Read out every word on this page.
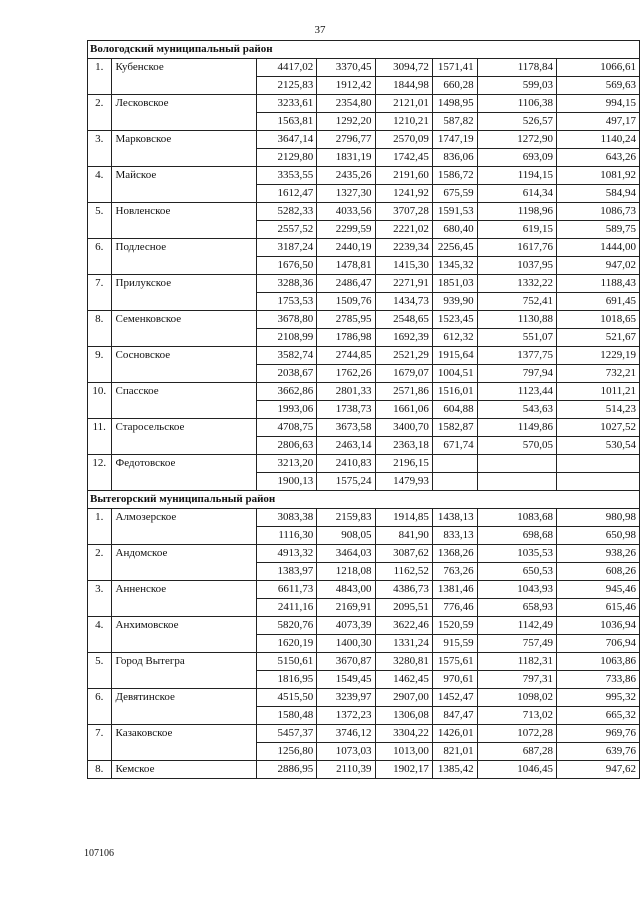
37
Вологодский муниципальный район							
1.	Кубенское	4417,02	3370,45	3094,72	1571,41	1178,84	1066,61
		2125,83	1912,42	1844,98	660,28	599,03	569,63
2.	Лесковское	3233,61	2354,80	2121,01	1498,95	1106,38	994,15
		1563,81	1292,20	1210,21	587,82	526,57	497,17
3.	Марковское	3647,14	2796,77	2570,09	1747,19	1272,90	1140,24
		2129,80	1831,19	1742,45	836,06	693,09	643,26
4.	Майское	3353,55	2435,26	2191,60	1586,72	1194,15	1081,92
		1612,47	1327,30	1241,92	675,59	614,34	584,94
5.	Новленское	5282,33	4033,56	3707,28	1591,53	1198,96	1086,73
		2557,52	2299,59	2221,02	680,40	619,15	589,75
6.	Подлесное	3187,24	2440,19	2239,34	2256,45	1617,76	1444,00
		1676,50	1478,81	1415,30	1345,32	1037,95	947,02
7.	Прилукское	3288,36	2486,47	2271,91	1851,03	1332,22	1188,43
		1753,53	1509,76	1434,73	939,90	752,41	691,45
8.	Семенковское	3678,80	2785,95	2548,65	1523,45	1130,88	1018,65
		2108,99	1786,98	1692,39	612,32	551,07	521,67
9.	Сосновское	3582,74	2744,85	2521,29	1915,64	1377,75	1229,19
		2038,67	1762,26	1679,07	1004,51	797,94	732,21
10.	Спасское	3662,86	2801,33	2571,86	1516,01	1123,44	1011,21
		1993,06	1738,73	1661,06	604,88	543,63	514,23
11.	Старосельское	4708,75	3673,58	3400,70	1582,87	1149,86	1027,52
		2806,63	2463,14	2363,18	671,74	570,05	530,54
12.	Федотовское	3213,20	2410,83	2196,15			
		1900,13	1575,24	1479,93			
Вытегорский муниципальный район							
1.	Алмозерское	3083,38	2159,83	1914,85	1438,13	1083,68	980,98
		1116,30	908,05	841,90	833,13	698,68	650,98
2.	Андомское	4913,32	3464,03	3087,62	1368,26	1035,53	938,26
		1383,97	1218,08	1162,52	763,26	650,53	608,26
3.	Анненское	6611,73	4843,00	4386,73	1381,46	1043,93	945,46
		2411,16	2169,91	2095,51	776,46	658,93	615,46
4.	Анхимовское	5820,76	4073,39	3622,46	1520,59	1142,49	1036,94
		1620,19	1400,30	1331,24	915,59	757,49	706,94
5.	Город Вытегра	5150,61	3670,87	3280,81	1575,61	1182,31	1063,86
		1816,95	1549,45	1462,45	970,61	797,31	733,86
6.	Девятинское	4515,50	3239,97	2907,00	1452,47	1098,02	995,32
		1580,48	1372,23	1306,08	847,47	713,02	665,32
7.	Казаковское	5457,37	3746,12	3304,22	1426,01	1072,28	969,76
		1256,80	1073,03	1013,00	821,01	687,28	639,76
8.	Кемское	2886,95	2110,39	1902,17	1385,42	1046,45	947,62
107106
